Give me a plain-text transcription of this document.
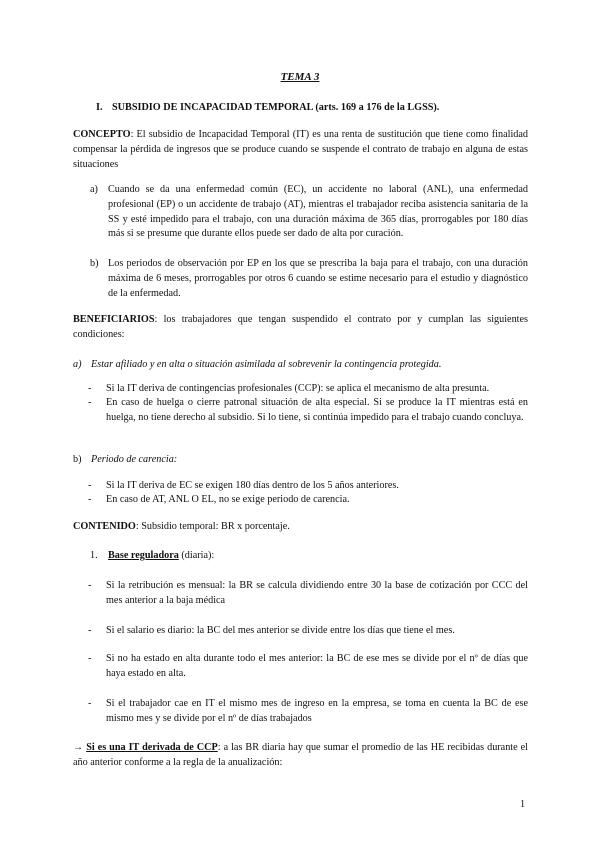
TEMA 3
I. SUBSIDIO DE INCAPACIDAD TEMPORAL (arts. 169 a 176 de la LGSS).
CONCEPTO: El subsidio de Incapacidad Temporal (IT) es una renta de sustitución que tiene como finalidad compensar la pérdida de ingresos que se produce cuando se suspende el contrato de trabajo en alguna de estas situaciones
a) Cuando se da una enfermedad común (EC), un accidente no laboral (ANL), una enfermedad profesional (EP) o un accidente de trabajo (AT), mientras el trabajador reciba asistencia sanitaria de la SS y esté impedido para el trabajo, con una duración máxima de 365 días, prorrogables por 180 días más si se presume que durante ellos puede ser dado de alta por curación.
b) Los periodos de observación por EP en los que se prescriba la baja para el trabajo, con una duración máxima de 6 meses, prorrogables por otros 6 cuando se estime necesario para el estudio y diagnóstico de la enfermedad.
BENEFICIARIOS: los trabajadores que tengan suspendido el contrato por y cumplan las siguientes condiciones:
a) Estar afiliado y en alta o situación asimilada al sobrevenir la contingencia protegida.
- Si la IT deriva de contingencias profesionales (CCP): se aplica el mecanismo de alta presunta.
- En caso de huelga o cierre patronal situación de alta especial. Si se produce la IT mientras está en huelga, no tiene derecho al subsidio. Si lo tiene, si continúa impedido para el trabajo cuando concluya.
b) Periodo de carencia:
- Si la IT deriva de EC se exigen 180 días dentro de los 5 años anteriores.
- En caso de AT, ANL O EL, no se exige periodo de carencia.
CONTENIDO: Subsidio temporal: BR x porcentaje.
1. Base reguladora (diaria):
- Si la retribución es mensual: la BR se calcula dividiendo entre 30 la base de cotización por CCC del mes anterior a la baja médica
- Si el salario es diario: la BC del mes anterior se divide entre los días que tiene el mes.
- Si no ha estado en alta durante todo el mes anterior: la BC de ese mes se divide por el nº de días que haya estado en alta.
- Si el trabajador cae en IT el mismo mes de ingreso en la empresa, se toma en cuenta la BC de ese mismo mes y se divide por el nº de días trabajados
→ Si es una IT derivada de CCP: a las BR diaria hay que sumar el promedio de las HE recibidas durante el año anterior conforme a la regla de la anualización:
1
